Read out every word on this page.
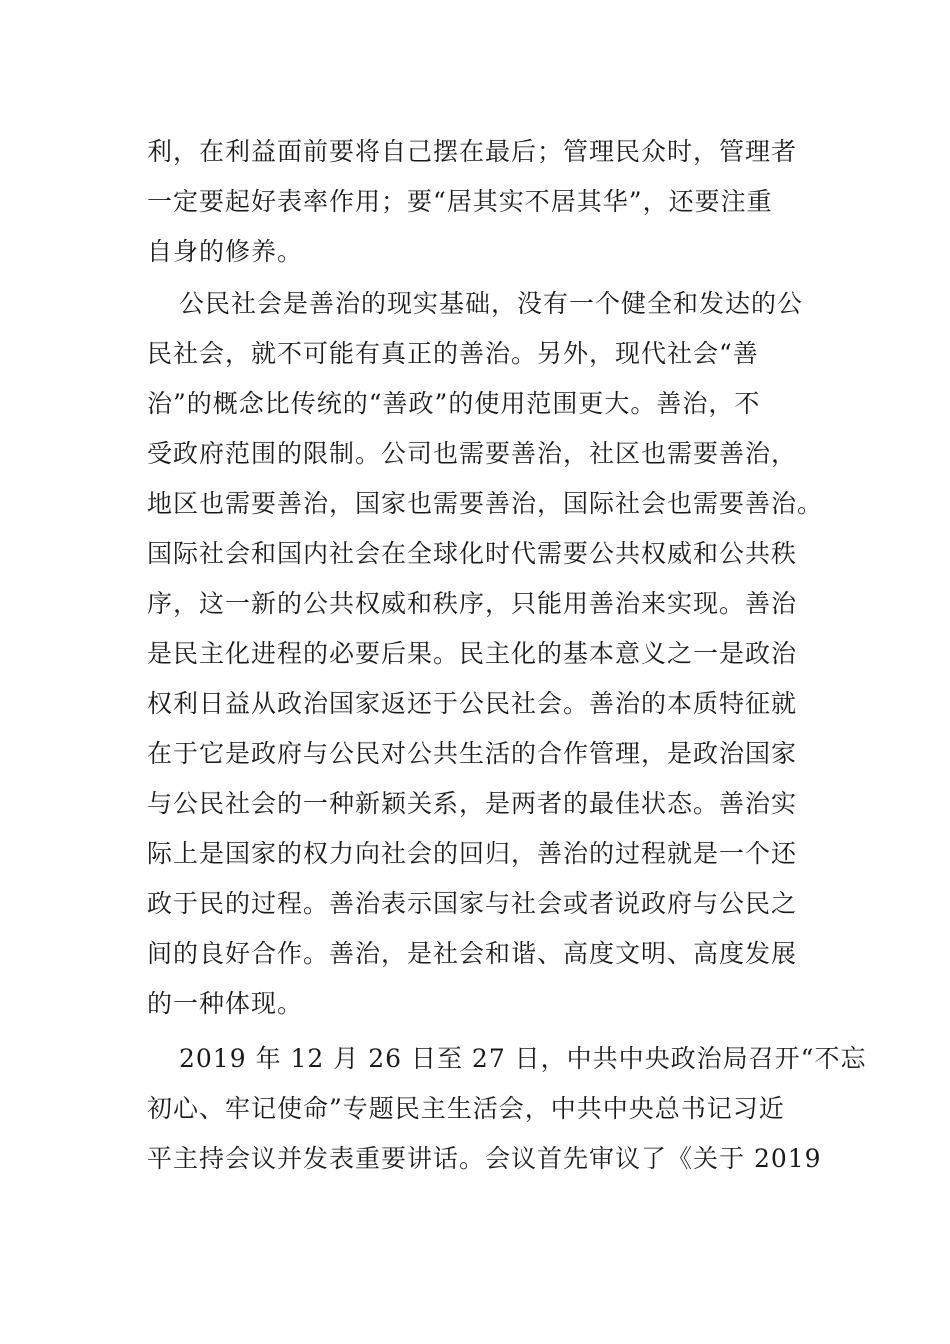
利，在利益面前要将自己摆在最后；管理民众时，管理者
一定要起好表率作用；要“居其实不居其华”，还要注重
自身的修养。
公民社会是善治的现实基础，没有一个健全和发达的公
民社会，就不可能有真正的善治。另外，现代社会“善
治”的概念比传统的“善政”的使用范围更大。善治，不
受政府范围的限制。公司也需要善治，社区也需要善治，
地区也需要善治，国家也需要善治，国际社会也需要善治。
国际社会和国内社会在全球化时代需要公共权威和公共秩
序，这一新的公共权威和秩序，只能用善治来实现。善治
是民主化进程的必要后果。民主化的基本意义之一是政治
权利日益从政治国家返还于公民社会。善治的本质特征就
在于它是政府与公民对公共生活的合作管理，是政治国家
与公民社会的一种新颖关系，是两者的最佳状态。善治实
际上是国家的权力向社会的回归，善治的过程就是一个还
政于民的过程。善治表示国家与社会或者说政府与公民之
间的良好合作。善治，是社会和谐、高度文明、高度发展
的一种体现。
2019 年 12 月 26 日至 27 日，中共中央政治局召开“不忘
初心、牢记使命”专题民主生活会，中共中央总书记习近
平主持会议并发表重要讲话。会议首先审议了《关于 2019
